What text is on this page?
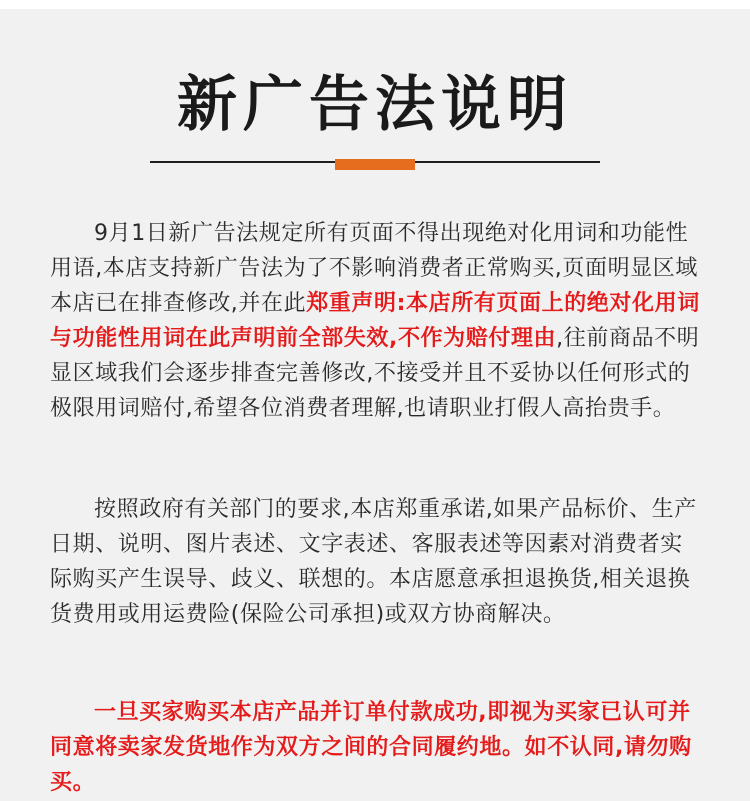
新广告法说明

9月1日新广告法规定所有页面不得出现绝对化用词和功能性用语,本店支持新广告法为了不影响消费者正常购买,页面明显区域本店已在排查修改,并在此郑重声明:本店所有页面上的绝对化用词与功能性用词在此声明前全部失效,不作为赔付理由,往前商品不明显区域我们会逐步排查完善修改,不接受并且不妥协以任何形式的极限用词赔付,希望各位消费者理解,也请职业打假人高抬贵手。

按照政府有关部门的要求,本店郑重承诺,如果产品标价、生产日期、说明、图片表述、文字表述、客服表述等因素对消费者实际购买产生误导、歧义、联想的。本店愿意承担退换货,相关退换货费用或用运费险(保险公司承担)或双方协商解决。

一旦买家购买本店产品并订单付款成功,即视为买家已认可并同意将卖家发货地作为双方之间的合同履约地。如不认同,请勿购买。
